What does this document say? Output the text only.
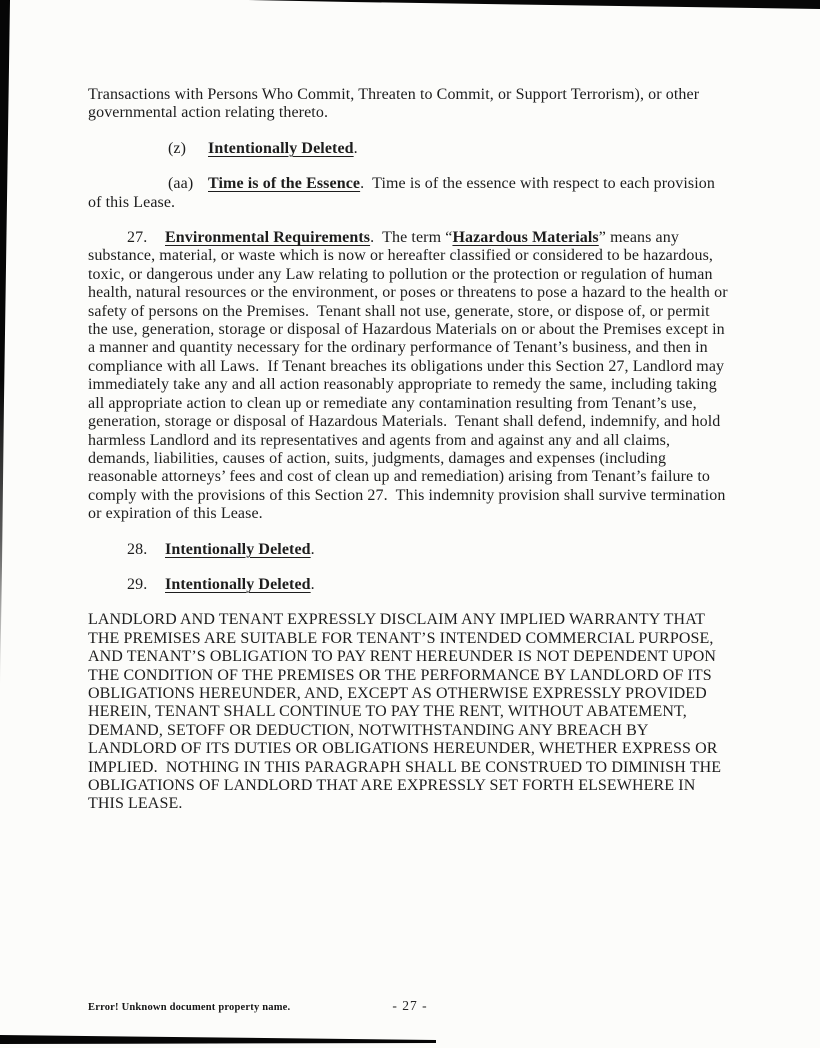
Transactions with Persons Who Commit, Threaten to Commit, or Support Terrorism), or other governmental action relating thereto.

(z) Intentionally Deleted.

(aa) Time is of the Essence.  Time is of the essence with respect to each provision of this Lease.

27. Environmental Requirements.  The term “Hazardous Materials” means any substance, material, or waste which is now or hereafter classified or considered to be hazardous, toxic, or dangerous under any Law relating to pollution or the protection or regulation of human health, natural resources or the environment, or poses or threatens to pose a hazard to the health or safety of persons on the Premises.  Tenant shall not use, generate, store, or dispose of, or permit the use, generation, storage or disposal of Hazardous Materials on or about the Premises except in a manner and quantity necessary for the ordinary performance of Tenant’s business, and then in compliance with all Laws.  If Tenant breaches its obligations under this Section 27, Landlord may immediately take any and all action reasonably appropriate to remedy the same, including taking all appropriate action to clean up or remediate any contamination resulting from Tenant’s use, generation, storage or disposal of Hazardous Materials.  Tenant shall defend, indemnify, and hold harmless Landlord and its representatives and agents from and against any and all claims, demands, liabilities, causes of action, suits, judgments, damages and expenses (including reasonable attorneys’ fees and cost of clean up and remediation) arising from Tenant’s failure to comply with the provisions of this Section 27.  This indemnity provision shall survive termination or expiration of this Lease.

28. Intentionally Deleted.

29. Intentionally Deleted.

LANDLORD AND TENANT EXPRESSLY DISCLAIM ANY IMPLIED WARRANTY THAT THE PREMISES ARE SUITABLE FOR TENANT’S INTENDED COMMERCIAL PURPOSE, AND TENANT’S OBLIGATION TO PAY RENT HEREUNDER IS NOT DEPENDENT UPON THE CONDITION OF THE PREMISES OR THE PERFORMANCE BY LANDLORD OF ITS OBLIGATIONS HEREUNDER, AND, EXCEPT AS OTHERWISE EXPRESSLY PROVIDED HEREIN, TENANT SHALL CONTINUE TO PAY THE RENT, WITHOUT ABATEMENT, DEMAND, SETOFF OR DEDUCTION, NOTWITHSTANDING ANY BREACH BY LANDLORD OF ITS DUTIES OR OBLIGATIONS HEREUNDER, WHETHER EXPRESS OR IMPLIED.  NOTHING IN THIS PARAGRAPH SHALL BE CONSTRUED TO DIMINISH THE OBLIGATIONS OF LANDLORD THAT ARE EXPRESSLY SET FORTH ELSEWHERE IN THIS LEASE.

Error! Unknown document property name.	- 27 -
